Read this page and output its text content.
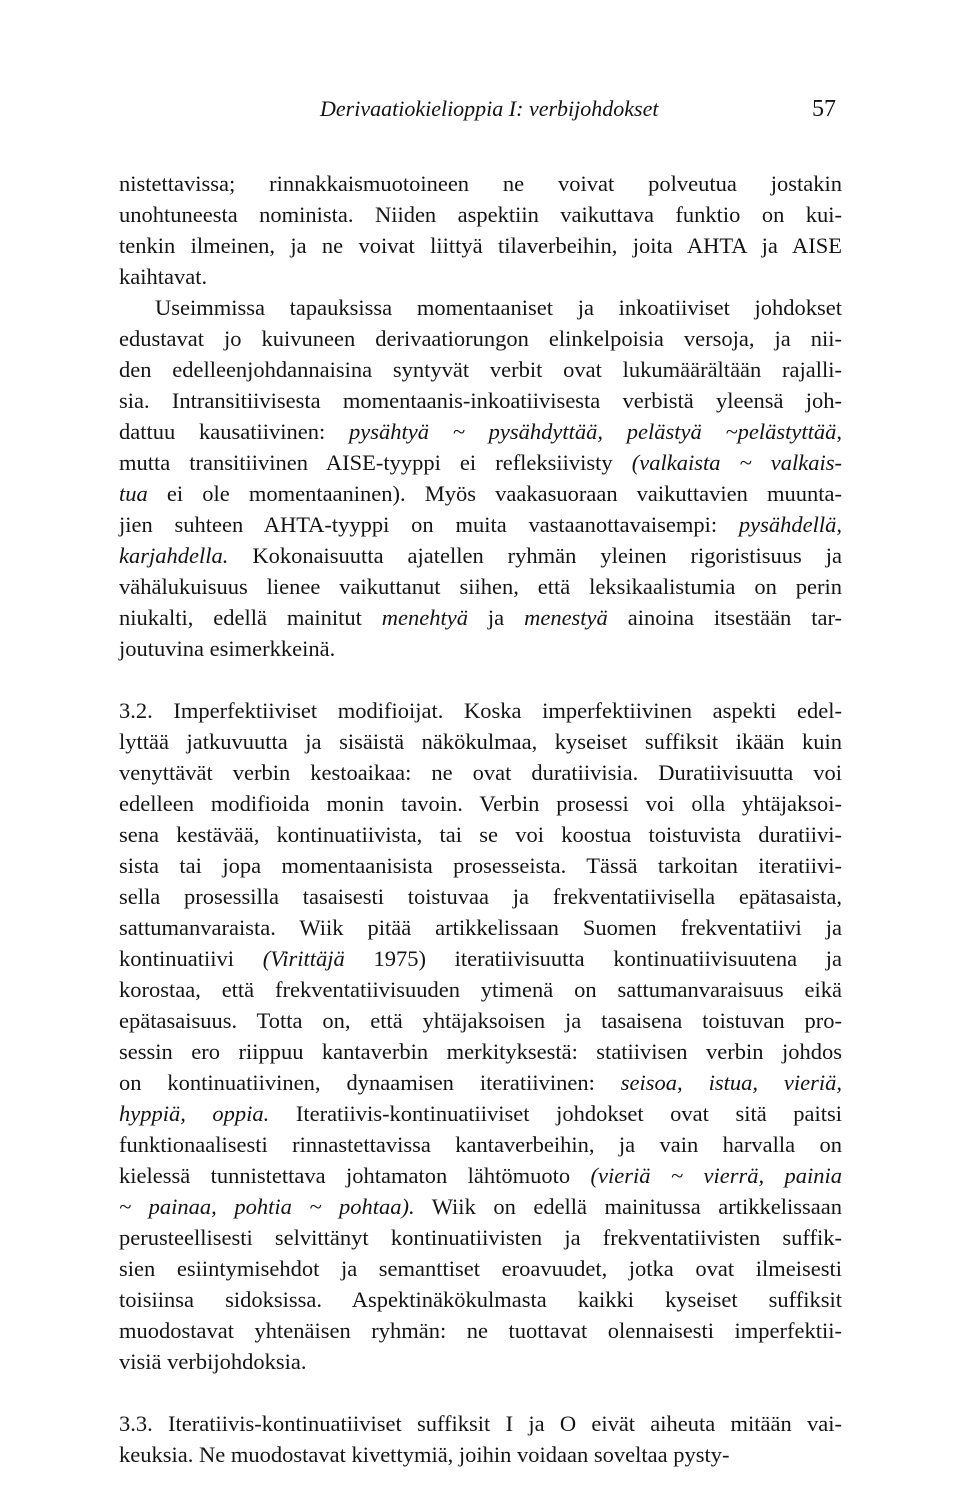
Derivaatiokielioppia I: verbijohdokset	57
nistettavissa; rinnakkaismuotoineen ne voivat polveutua jostakin
unohtuneesta nominista. Niiden aspektiin vaikuttava funktio on kui-
tenkin ilmeinen, ja ne voivat liittyä tilaverbeihin, joita AHTA ja AISE
kaihtavat.
Useimmissa tapauksissa momentaaniset ja inkoatiiviset johdokset
edustavat jo kuivuneen derivaatiorungon elinkelpoisia versoja, ja nii-
den edelleenjohdannaisina syntyvät verbit ovat lukumäärältään rajalli-
sia. Intransitiivisesta momentaanis-inkoatiivisesta verbistä yleensä joh-
dattuu kausatiivinen: pysähtyä ~ pysähdyttää, pelästyä ~pelästyttää,
mutta transitiivinen AISE-tyyppi ei refleksiivisty (valkaista ~ valkais-
tua ei ole momentaaninen). Myös vaakasuoraan vaikuttavien muunta-
jien suhteen AHTA-tyyppi on muita vastaanottavaisempi: pysähdellä,
karjahdella. Kokonaisuutta ajatellen ryhmän yleinen rigoristisuus ja
vähälukuisuus lienee vaikuttanut siihen, että leksikaalistumia on perin
niukalti, edellä mainitut menehtyä ja menestyä ainoina itsestään tar-
joutuvina esimerkkeinä.
3.2. Imperfektiiviset modifioijat. Koska imperfektiivinen aspekti edel-
lyttää jatkuvuutta ja sisäistä näkökulmaa, kyseiset suffiksit ikään kuin
venyttävät verbin kestoaikaa: ne ovat duratiivisia. Duratiivisuutta voi
edelleen modifioida monin tavoin. Verbin prosessi voi olla yhtäjaksoi-
sena kestävää, kontinuatiivista, tai se voi koostua toistuvista duratiivi-
sista tai jopa momentaanisista prosesseista. Tässä tarkoitan iteratiivi-
sella prosessilla tasaisesti toistuvaa ja frekventatiivisella epätasaista,
sattumanvaraista. Wiik pitää artikkelissaan Suomen frekventatiivi ja
kontinuatiivi (Virittäjä 1975) iteratiivisuutta kontinuatiivisuutena ja
korostaa, että frekventatiivisuuden ytimenä on sattumanvaraisuus eikä
epätasaisuus. Totta on, että yhtäjaksoisen ja tasaisena toistuvan pro-
sessin ero riippuu kantaverbin merkityksestä: statiivisen verbin johdos
on kontinuatiivinen, dynaamisen iteratiivinen: seisoa, istua, vieriä,
hyppiä, oppia. Iteratiivis-kontinuatiiviset johdokset ovat sitä paitsi
funktionaalisesti rinnastettavissa kantaverbeihin, ja vain harvalla on
kielessä tunnistettava johtamaton lähtömuoto (vieriä ~ vierrä, painia
~ painaa, pohtia ~ pohtaa). Wiik on edellä mainitussa artikkelissaan
perusteellisesti selvittänyt kontinuatiivisten ja frekventatiivisten suffik-
sien esiintymisehdot ja semanttiset eroavuudet, jotka ovat ilmeisesti
toisiinsa sidoksissa. Aspektinäkökulmasta kaikki kyseiset suffiksit
muodostavat yhtenäisen ryhmän: ne tuottavat olennaisesti imperfektii-
visiä verbijohdoksia.
3.3. Iteratiivis-kontinuatiiviset suffiksit I ja O eivät aiheuta mitään vai-
keuksia. Ne muodostavat kivettymiä, joihin voidaan soveltaa pysty-
